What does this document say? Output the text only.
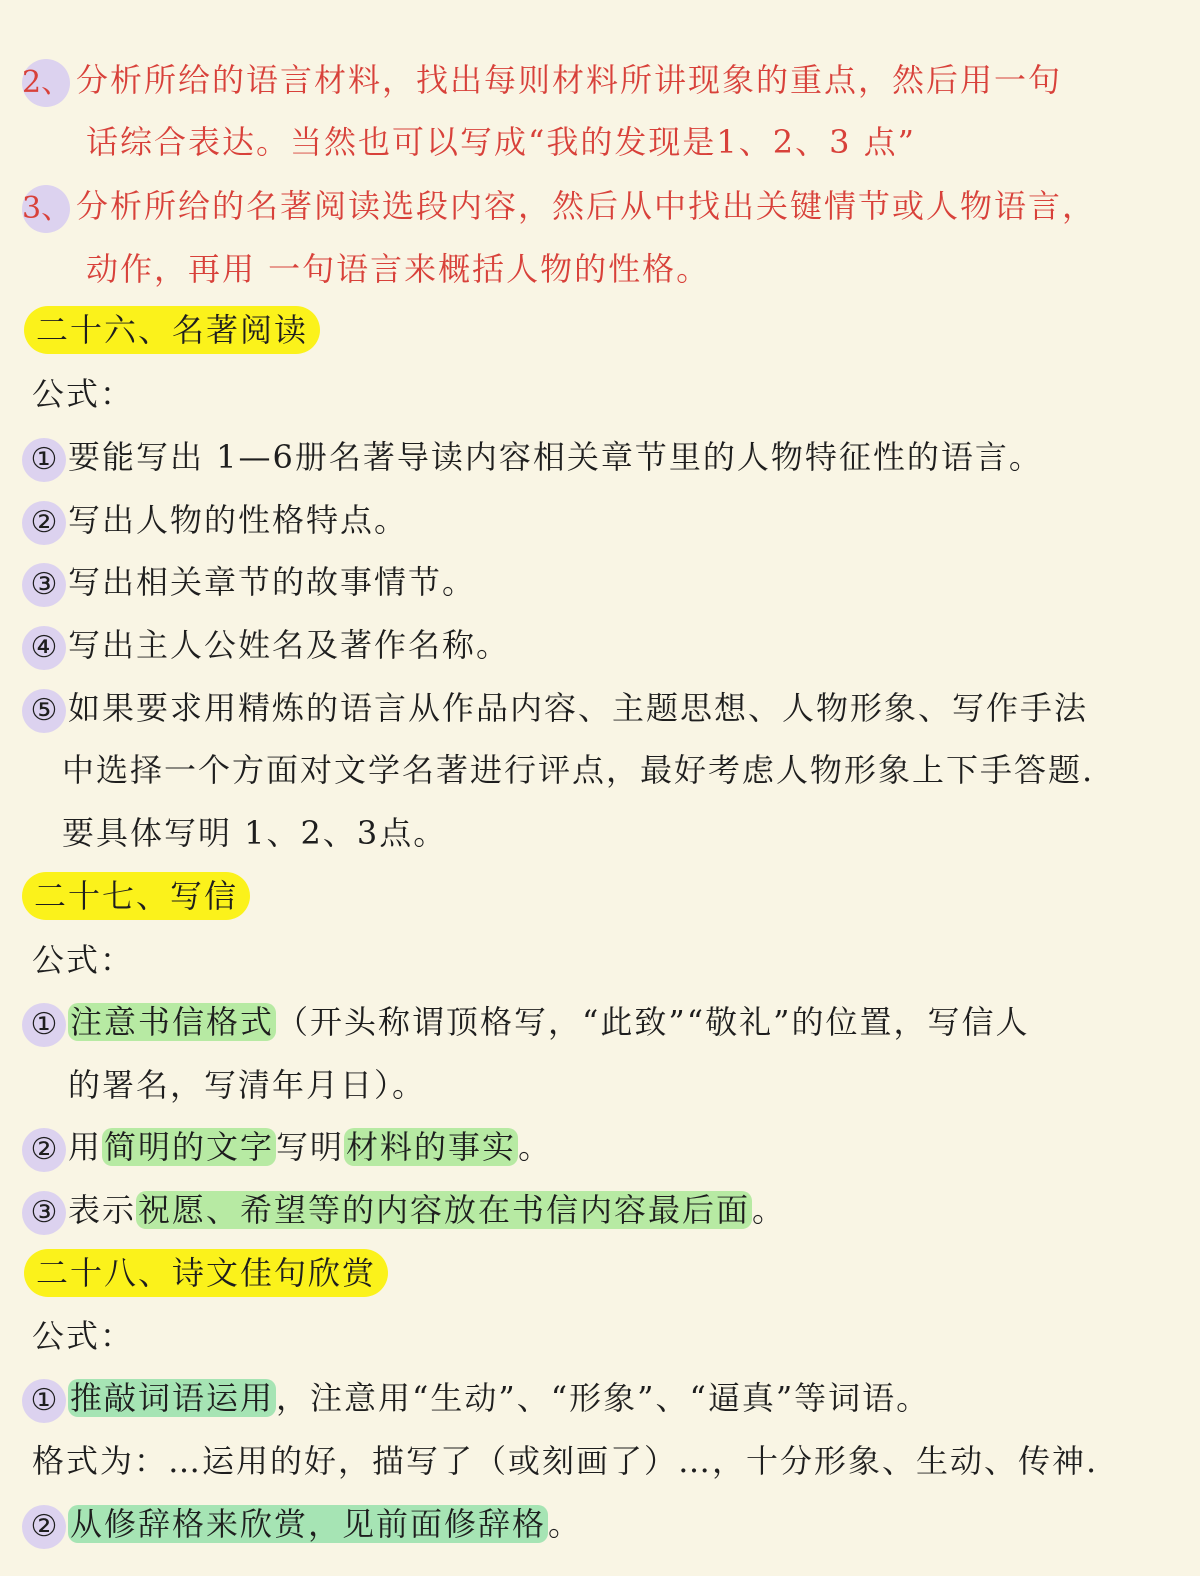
2、 分析所给的语言材料，找出每则材料所讲现象的重点，然后用一句
话综合表达。当然也可以写成“我的发现是1、2、3 点”
3、 分析所给的名著阅读选段内容，然后从中找出关键情节或人物语言，
动作，再用 一句语言来概括人物的性格。
二十六、名著阅读
公式：
① 要能写出 1—6册名著导读内容相关章节里的人物特征性的语言。
② 写出人物的性格特点。
③ 写出相关章节的故事情节。
④ 写出主人公姓名及著作名称。
⑤ 如果要求用精炼的语言从作品内容、主题思想、人物形象、写作手法
中选择一个方面对文学名著进行评点，最好考虑人物形象上下手答题.
要具体写明 1、2、3点。
二十七、写信
公式：
① 注意书信格式（开头称谓顶格写，“此致”“敬礼”的位置，写信人
的署名，写清年月日）。
② 用简明的文字写明材料的事实。
③ 表示祝愿、希望等的内容放在书信内容最后面。
二十八、诗文佳句欣赏
公式：
① 推敲词语运用，注意用“生动”、“形象”、“逼真”等词语。
格式为：…运用的好，描写了（或刻画了）…，十分形象、生动、传神.
② 从修辞格来欣赏，见前面修辞格。
